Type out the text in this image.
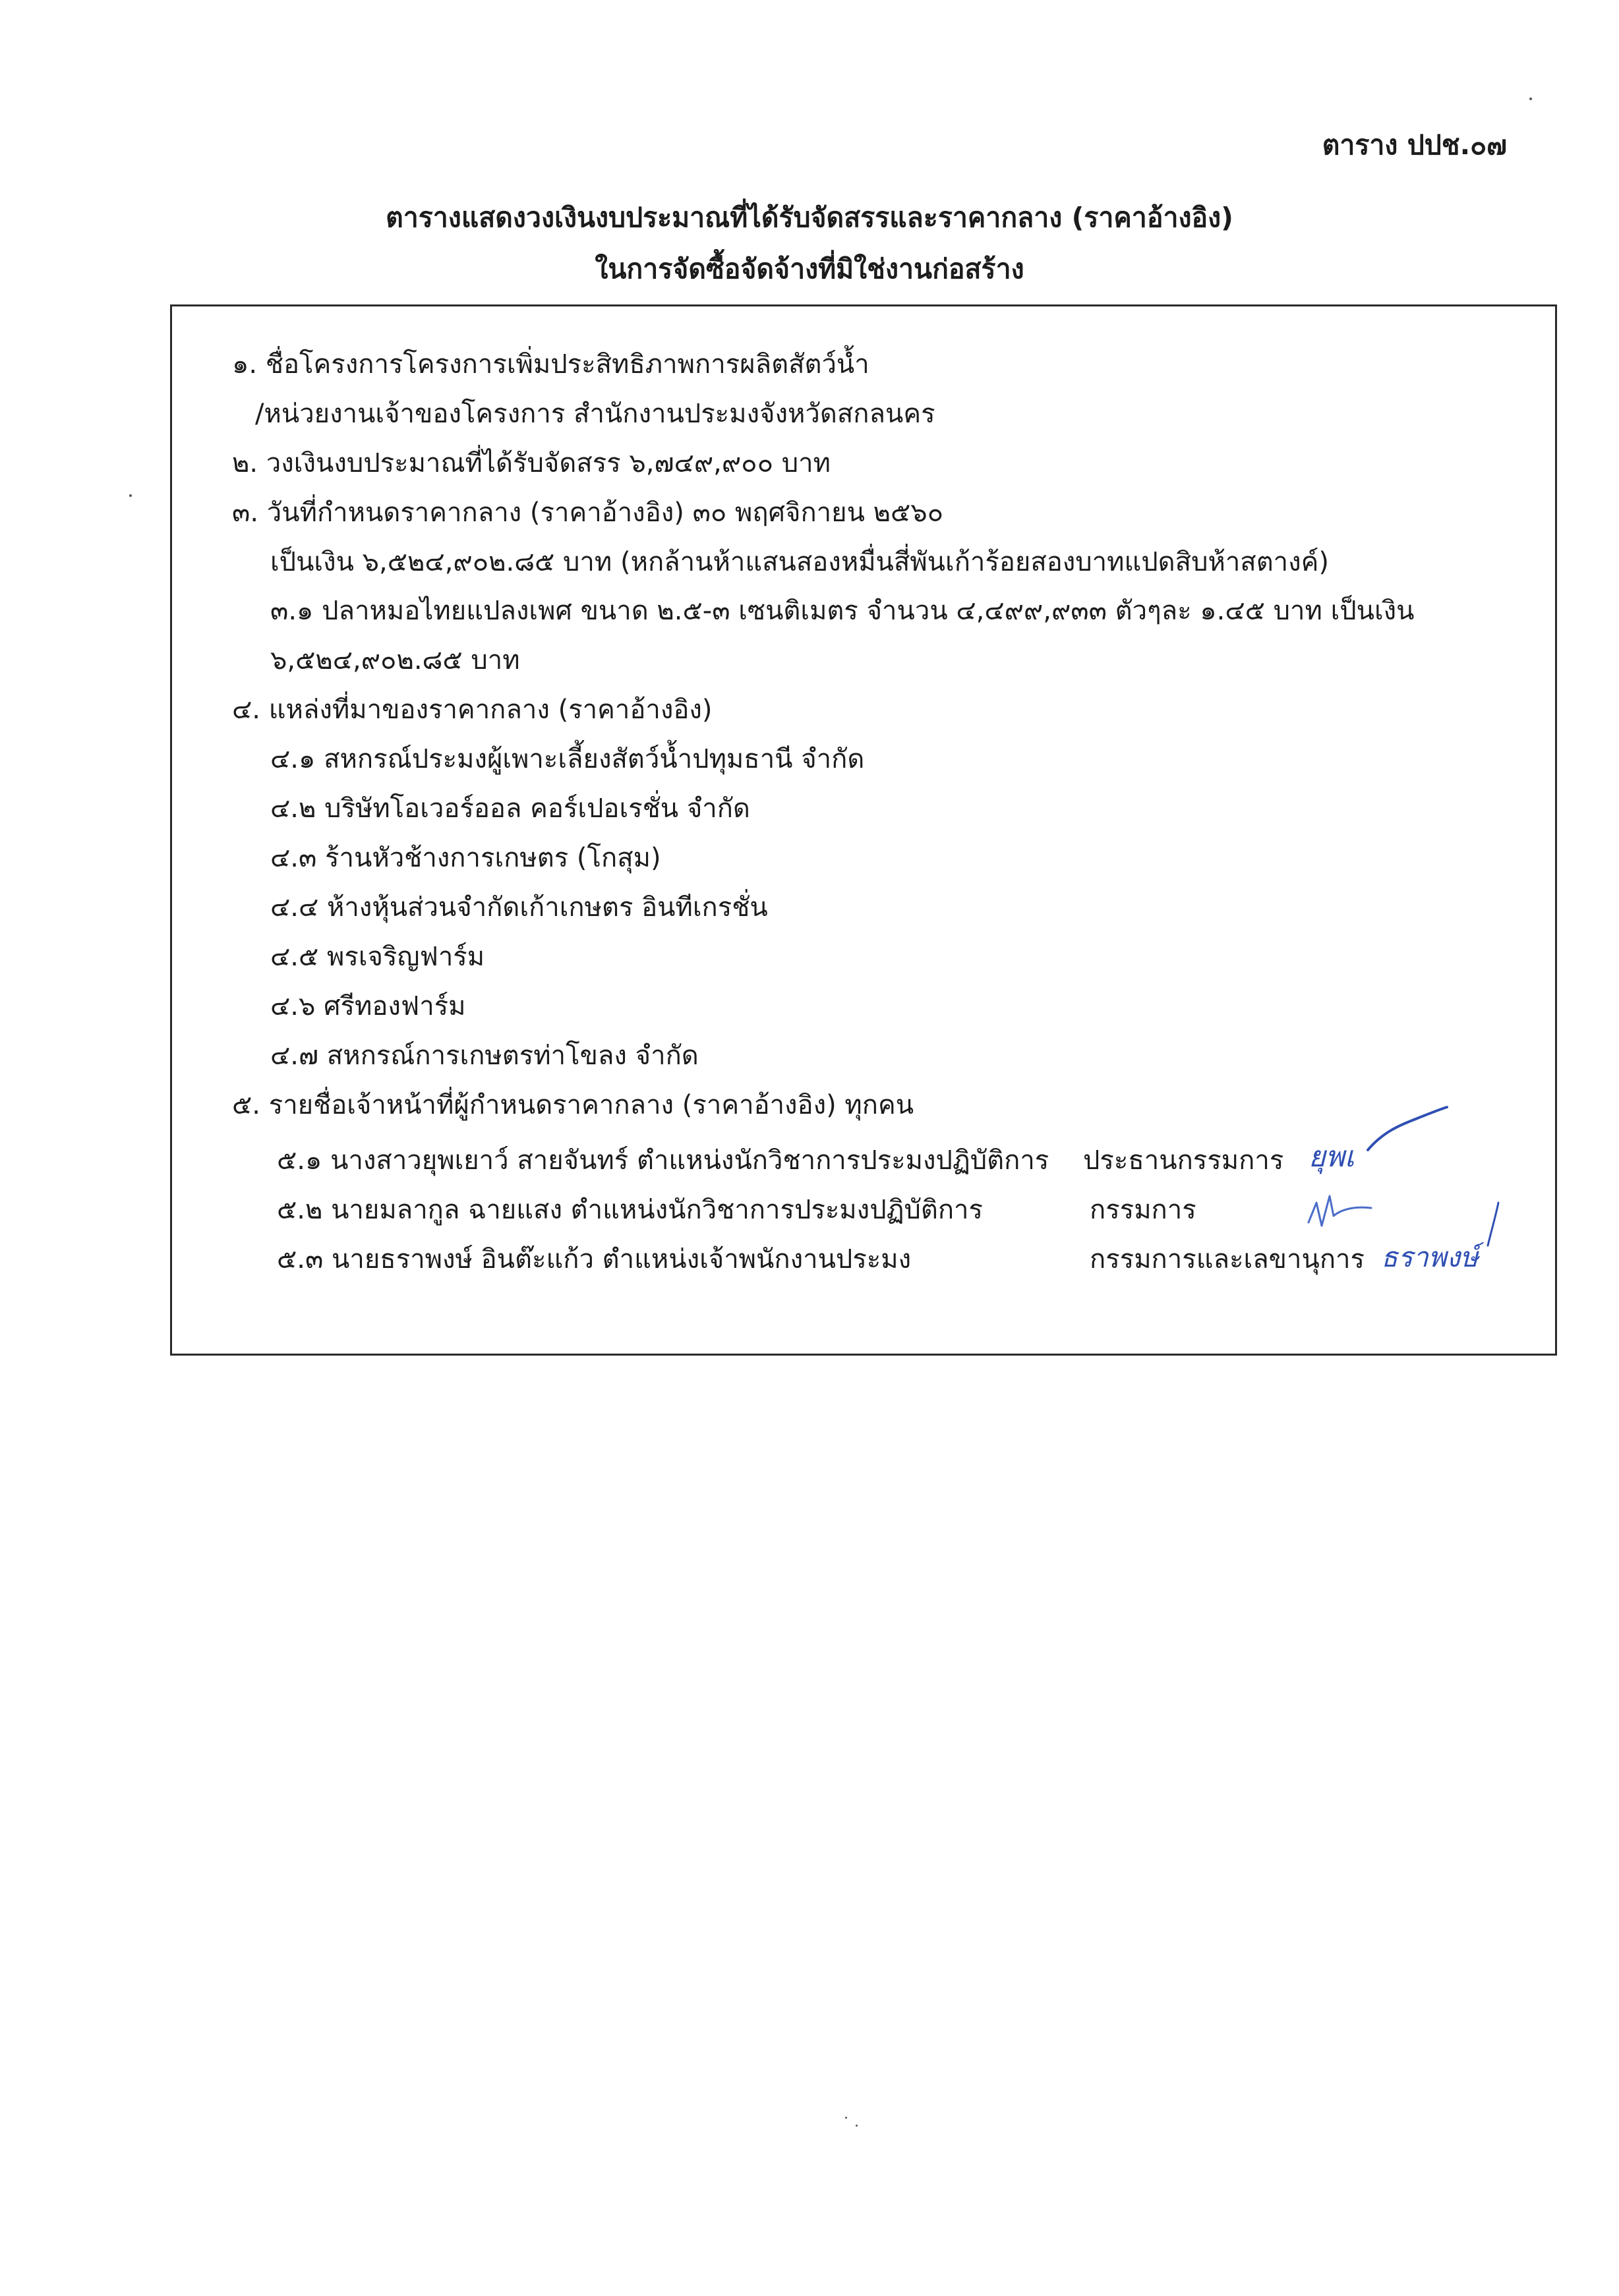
ตาราง ปปช.๐๗
ตารางแสดงวงเงินงบประมาณที่ได้รับจัดสรรและราคากลาง (ราคาอ้างอิง)
ในการจัดซื้อจัดจ้างที่มิใช่งานก่อสร้าง
๑. ชื่อโครงการโครงการเพิ่มประสิทธิภาพการผลิตสัตว์น้ำ
/หน่วยงานเจ้าของโครงการ สำนักงานประมงจังหวัดสกลนคร
๒. วงเงินงบประมาณที่ได้รับจัดสรร ๖,๗๔๙,๙๐๐ บาท
๓. วันที่กำหนดราคากลาง (ราคาอ้างอิง) ๓๐ พฤศจิกายน ๒๕๖๐
เป็นเงิน ๖,๕๒๔,๙๐๒.๘๕ บาท (หกล้านห้าแสนสองหมื่นสี่พันเก้าร้อยสองบาทแปดสิบห้าสตางค์)
๓.๑ ปลาหมอไทยแปลงเพศ ขนาด ๒.๕-๓ เซนติเมตร จำนวน ๔,๔๙๙,๙๓๓ ตัวๆละ ๑.๔๕ บาท เป็นเงิน
๖,๕๒๔,๙๐๒.๘๕ บาท
๔. แหล่งที่มาของราคากลาง (ราคาอ้างอิง)
๔.๑ สหกรณ์ประมงผู้เพาะเลี้ยงสัตว์น้ำปทุมธานี จำกัด
๔.๒ บริษัทโอเวอร์ออล คอร์เปอเรชั่น จำกัด
๔.๓ ร้านหัวช้างการเกษตร (โกสุม)
๔.๔ ห้างหุ้นส่วนจำกัดเก้าเกษตร อินทีเกรชั่น
๔.๕ พรเจริญฟาร์ม
๔.๖ ศรีทองฟาร์ม
๔.๗ สหกรณ์การเกษตรท่าโขลง จำกัด
๕. รายชื่อเจ้าหน้าที่ผู้กำหนดราคากลาง (ราคาอ้างอิง) ทุกคน
๕.๑ นางสาวยุพเยาว์ สายจันทร์ ตำแหน่งนักวิชาการประมงปฏิบัติการ ประธานกรรมการ
๕.๒ นายมลากูล ฉายแสง ตำแหน่งนักวิชาการประมงปฏิบัติการ	กรรมการ
๕.๓ นายธราพงษ์ อินต๊ะแก้ว ตำแหน่งเจ้าพนักงานประมง	กรรมการและเลขานุการ
ยุพเ
ธราพงษ์
